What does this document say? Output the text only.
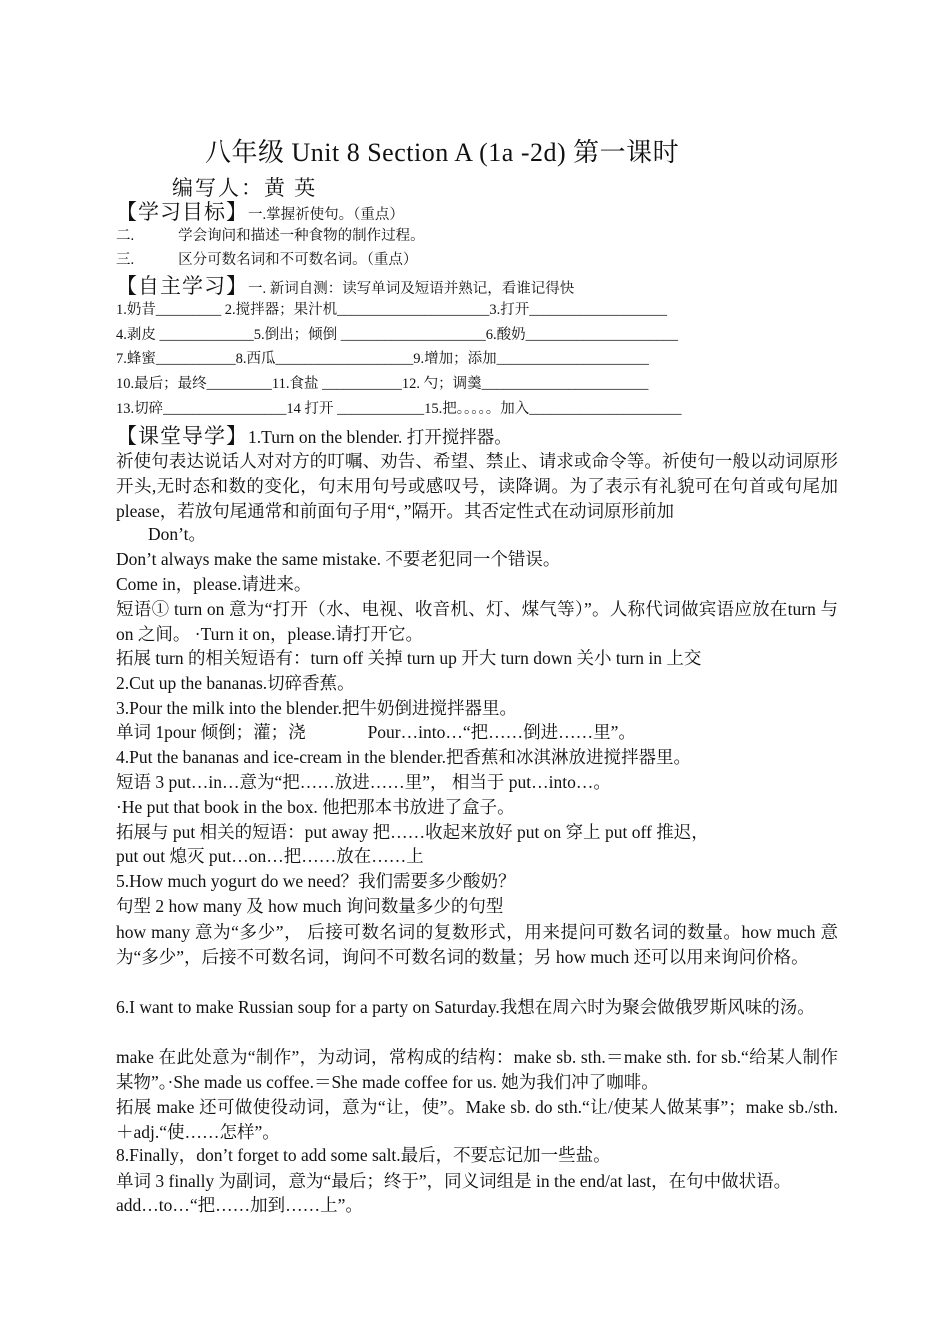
八年级 Unit 8 Section A (1a -2d) 第一课时
编写人：黄 英
【学习目标】一.掌握祈使句。（重点）
二.	学会询问和描述一种食物的制作过程。
三.	区分可数名词和不可数名词。（重点）
【自主学习】一. 新词自测：读写单词及短语并熟记，看谁记得快
1.奶昔_________ 2.搅拌器；果汁机_____________________3.打开___________________
4.剥皮 _____________5.倒出；倾倒 ____________________6.酸奶_____________________
7.蜂蜜___________8.西瓜___________________9.增加；添加_____________________
10.最后；最终_________11.食盐 ___________12. 勺；调羹_______________________
13.切碎_________________14 打开 ____________15.把。。。。。加入_____________________
【课堂导学】1.Turn on the blender. 打开搅拌器。
祈使句表达说话人对对方的叮嘱、劝告、希望、禁止、请求或命令等。祈使句一般以动词原形开头,无时态和数的变化，句末用句号或感叹号，读降调。为了表示有礼貌可在句首或句尾加 please，若放句尾通常和前面句子用“，”隔开。其否定性式在动词原形前加
Don’t。
Don’t always make the same mistake. 不要老犯同一个错误。
Come in，please.请进来。
短语① turn on 意为“打开（水、电视、收音机、灯、煤气等）”。人称代词做宾语应放在turn 与 on 之间。 ·Turn it on，please.请打开它。
拓展 turn 的相关短语有：turn off 关掉 turn up 开大 turn down 关小 turn in 上交
2.Cut up the bananas.切碎香蕉。
3.Pour the milk into the blender.把牛奶倒进搅拌器里。
单词 1pour 倾倒；灌；浇	Pour…into…“把……倒进……里”。
4.Put the bananas and ice-cream in the blender.把香蕉和冰淇淋放进搅拌器里。
短语 3 put…in…意为“把……放进……里”， 相当于 put…into…。
·He put that book in the box. 他把那本书放进了盒子。
拓展与 put 相关的短语：put away 把……收起来放好 put on 穿上 put off 推迟，
put out 熄灭 put…on…把……放在……上
5.How much yogurt do we need？我们需要多少酸奶？
句型 2 how many 及 how much 询问数量多少的句型
how many 意为“多少”， 后接可数名词的复数形式，用来提问可数名词的数量。how much 意为“多少”，后接不可数名词，询问不可数名词的数量；另 how much 还可以用来询问价格。
6.I want to make Russian soup for a party on Saturday.我想在周六时为聚会做俄罗斯风味的汤。
make 在此处意为“制作”，为动词，常构成的结构：make sb. sth.＝make sth. for sb.“给某人制作某物”。·She made us coffee.＝She made coffee for us. 她为我们冲了咖啡。
拓展 make 还可做使役动词，意为“让，使”。Make sb. do sth.“让/使某人做某事”；make sb./sth. ＋adj.“使……怎样”。
8.Finally，don’t forget to add some salt.最后，不要忘记加一些盐。
单词 3 finally 为副词，意为“最后；终于”，同义词组是 in the end/at last，在句中做状语。
add…to…“把……加到……上”。
